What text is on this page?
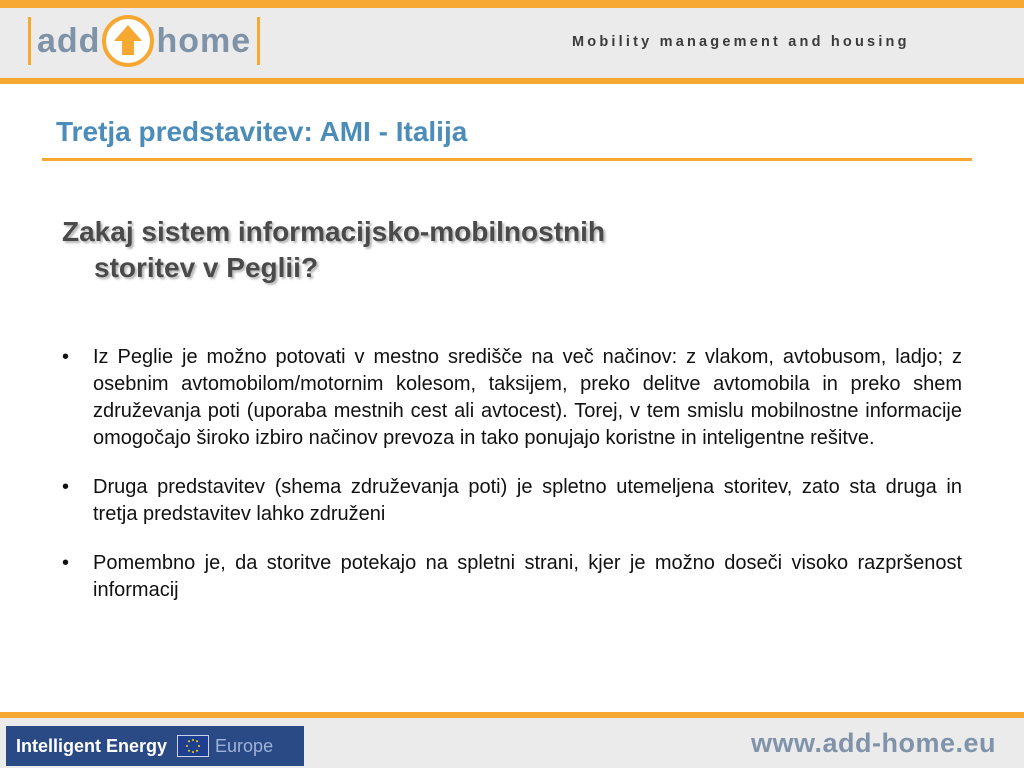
add home	Mobility management and housing
Tretja predstavitev: AMI - Italija
Zakaj sistem informacijsko-mobilnostnih
storitev v Peglii?
• Iz Peglie je možno potovati v mestno središče na več načinov: z vlakom, avtobusom, ladjo; z osebnim avtomobilom/motornim kolesom, taksijem, preko delitve avtomobila in preko shem združevanja poti (uporaba mestnih cest ali avtocest). Torej, v tem smislu mobilnostne informacije omogočajo široko izbiro načinov prevoza in tako ponujajo koristne in inteligentne rešitve.
• Druga predstavitev (shema združevanja poti) je spletno utemeljena storitev, zato sta druga in tretja predstavitev lahko združeni
• Pomembno je, da storitve potekajo na spletni strani, kjer je možno doseči visoko razpršenost informacij
Intelligent Energy	Europe	www.add-home.eu
